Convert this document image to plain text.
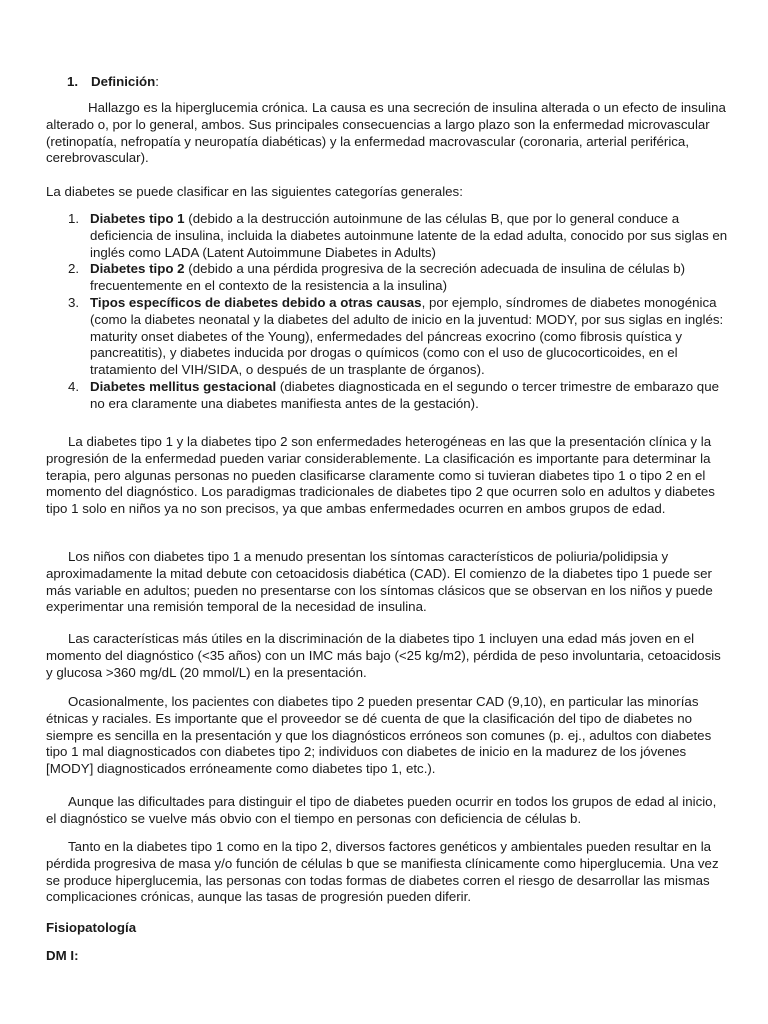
1. Definición:

Hallazgo es la hiperglucemia crónica. La causa es una secreción de insulina alterada o un efecto de insulina alterado o, por lo general, ambos. Sus principales consecuencias a largo plazo son la enfermedad microvascular (retinopatía, nefropatía y neuropatía diabéticas) y la enfermedad macrovascular (coronaria, arterial periférica, cerebrovascular).

La diabetes se puede clasificar en las siguientes categorías generales:

1. Diabetes tipo 1 (debido a la destrucción autoinmune de las células B, que por lo general conduce a deficiencia de insulina, incluida la diabetes autoinmune latente de la edad adulta, conocido por sus siglas en inglés como LADA (Latent Autoimmune Diabetes in Adults)
2. Diabetes tipo 2 (debido a una pérdida progresiva de la secreción adecuada de insulina de células b) frecuentemente en el contexto de la resistencia a la insulina)
3. Tipos específicos de diabetes debido a otras causas, por ejemplo, síndromes de diabetes monogénica (como la diabetes neonatal y la diabetes del adulto de inicio en la juventud: MODY, por sus siglas en inglés: maturity onset diabetes of the Young), enfermedades del páncreas exocrino (como fibrosis quística y pancreatitis), y diabetes inducida por drogas o químicos (como con el uso de glucocorticoides, en el tratamiento del VIH/SIDA, o después de un trasplante de órganos).
4. Diabetes mellitus gestacional (diabetes diagnosticada en el segundo o tercer trimestre de embarazo que no era claramente una diabetes manifiesta antes de la gestación).

La diabetes tipo 1 y la diabetes tipo 2 son enfermedades heterogéneas en las que la presentación clínica y la progresión de la enfermedad pueden variar considerablemente. La clasificación es importante para determinar la terapia, pero algunas personas no pueden clasificarse claramente como si tuvieran diabetes tipo 1 o tipo 2 en el momento del diagnóstico. Los paradigmas tradicionales de diabetes tipo 2 que ocurren solo en adultos y diabetes tipo 1 solo en niños ya no son precisos, ya que ambas enfermedades ocurren en ambos grupos de edad.

Los niños con diabetes tipo 1 a menudo presentan los síntomas característicos de poliuria/polidipsia y aproximadamente la mitad debute con cetoacidosis diabética (CAD). El comienzo de la diabetes tipo 1 puede ser más variable en adultos; pueden no presentarse con los síntomas clásicos que se observan en los niños y puede experimentar una remisión temporal de la necesidad de insulina.

Las características más útiles en la discriminación de la diabetes tipo 1 incluyen una edad más joven en el momento del diagnóstico (<35 años) con un IMC más bajo (<25 kg/m2), pérdida de peso involuntaria, cetoacidosis y glucosa >360 mg/dL (20 mmol/L) en la presentación.

Ocasionalmente, los pacientes con diabetes tipo 2 pueden presentar CAD (9,10), en particular las minorías étnicas y raciales. Es importante que el proveedor se dé cuenta de que la clasificación del tipo de diabetes no siempre es sencilla en la presentación y que los diagnósticos erróneos son comunes (p. ej., adultos con diabetes tipo 1 mal diagnosticados con diabetes tipo 2; individuos con diabetes de inicio en la madurez de los jóvenes [MODY] diagnosticados erróneamente como diabetes tipo 1, etc.).

Aunque las dificultades para distinguir el tipo de diabetes pueden ocurrir en todos los grupos de edad al inicio, el diagnóstico se vuelve más obvio con el tiempo en personas con deficiencia de células b.

Tanto en la diabetes tipo 1 como en la tipo 2, diversos factores genéticos y ambientales pueden resultar en la pérdida progresiva de masa y/o función de células b que se manifiesta clínicamente como hiperglucemia. Una vez se produce hiperglucemia, las personas con todas formas de diabetes corren el riesgo de desarrollar las mismas complicaciones crónicas, aunque las tasas de progresión pueden diferir.

Fisiopatología

DM I:
